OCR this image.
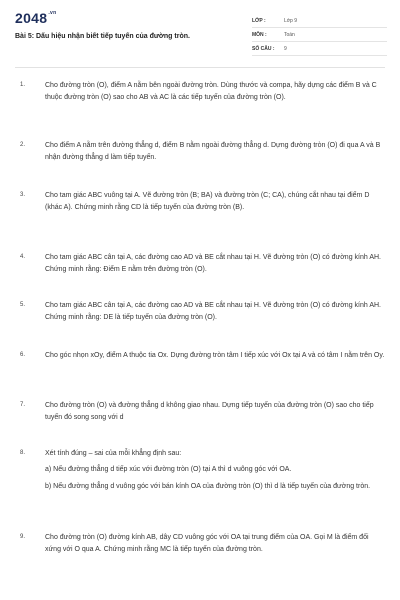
$2048^{.vn}$
Bài 5: Dấu hiệu nhận biết tiếp tuyến của đường tròn.
LỚP :	Lớp 9
MÔN :	Toán
SỐ CÂU :	9
1.	Cho đường tròn (O), điểm A nằm bên ngoài đường tròn. Dùng thước và compa, hãy dựng các điểm B và C thuộc đường tròn (O) sao cho AB và AC là các tiếp tuyến của đường tròn (O).
2.	Cho điểm A nằm trên đường thẳng d, điểm B nằm ngoài đường thẳng d. Dựng đường tròn (O) đi qua A và B nhận đường thẳng d làm tiếp tuyến.
3.	Cho tam giác ABC vuông tại A. Vẽ đường tròn (B; BA) và đường tròn (C; CA), chúng cắt nhau tại điểm D (khác A). Chứng minh rằng CD là tiếp tuyến của đường tròn (B).
4.	Cho tam giác ABC cân tại A, các đường cao AD và BE cắt nhau tại H. Vẽ đường tròn (O) có đường kính AH. Chứng minh rằng: Điểm E nằm trên đường tròn (O).
5.	Cho tam giác ABC cân tại A, các đường cao AD và BE cắt nhau tại H. Vẽ đường tròn (O) có đường kính AH. Chứng minh rằng: DE là tiếp tuyến của đường tròn (O).
6.	Cho góc nhọn xOy, điểm A thuộc tia Ox. Dựng đường tròn tâm I tiếp xúc với Ox tại A và có tâm I nằm trên Oy.
7.	Cho đường tròn (O) và đường thẳng d không giao nhau. Dựng tiếp tuyến của đường tròn (O) sao cho tiếp tuyến đó song song với d
8.	Xét tính đúng – sai của mỗi khẳng định sau:
a) Nếu đường thẳng d tiếp xúc với đường tròn (O) tại A thì d vuông góc với OA.
b) Nếu đường thẳng d vuông góc với bán kính OA của đường tròn (O) thì d là tiếp tuyến của đường tròn.
9.	Cho đường tròn (O) đường kính AB, dây CD vuông góc với OA tại trung điểm của OA. Gọi M là điểm đối xứng với O qua A. Chứng minh rằng MC là tiếp tuyến của đường tròn.
